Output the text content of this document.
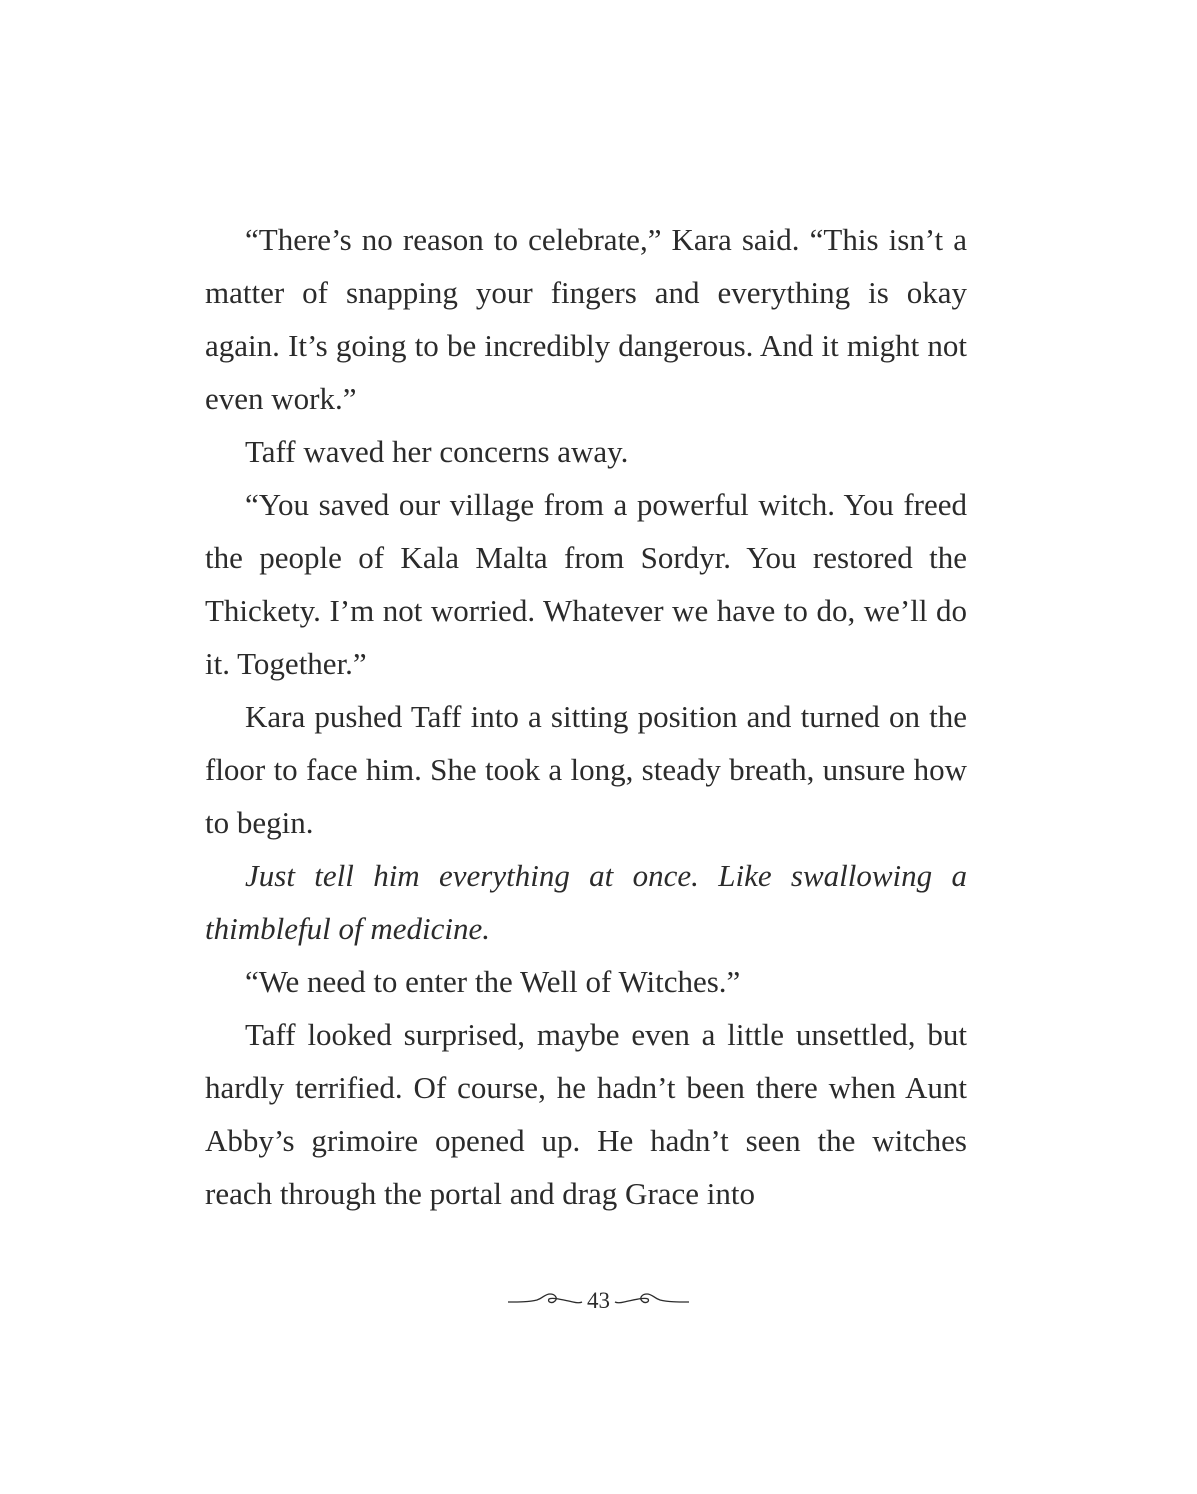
“There’s no reason to celebrate,” Kara said. “This isn’t a matter of snapping your fingers and everything is okay again. It’s going to be incredibly dangerous. And it might not even work.”

Taff waved her concerns away.

“You saved our village from a powerful witch. You freed the people of Kala Malta from Sordyr. You restored the Thickety. I’m not worried. Whatever we have to do, we’ll do it. Together.”

Kara pushed Taff into a sitting position and turned on the floor to face him. She took a long, steady breath, unsure how to begin.

Just tell him everything at once. Like swallowing a thimbleful of medicine.

“We need to enter the Well of Witches.”

Taff looked surprised, maybe even a little unsettled, but hardly terrified. Of course, he hadn’t been there when Aunt Abby’s grimoire opened up. He hadn’t seen the witches reach through the portal and drag Grace into

43
